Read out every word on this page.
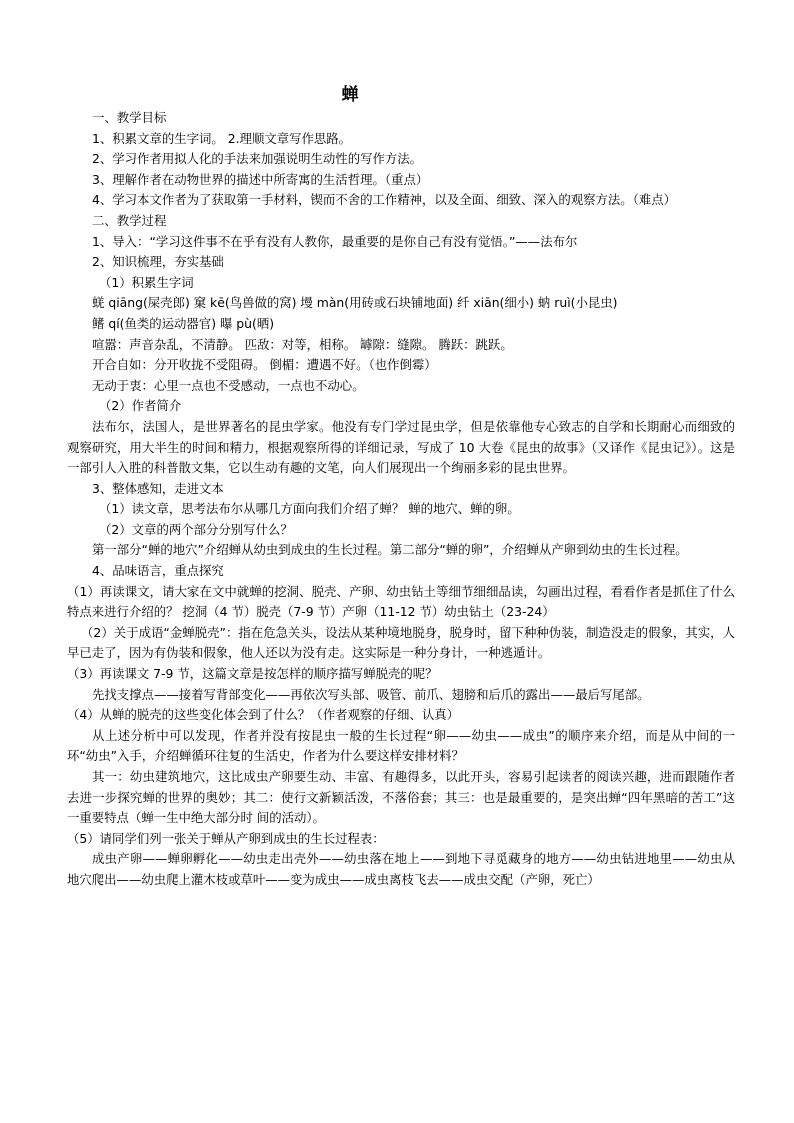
蝉

一、教学目标

1、积累文章的生字词。 2.理顺文章写作思路。

2、学习作者用拟人化的手法来加强说明生动性的写作方法。

3、理解作者在动物世界的描述中所寄寓的生活哲理。（重点）

4、学习本文作者为了获取第一手材料，锲而不舍的工作精神，以及全面、细致、深入的观察方法。（难点）

二、教学过程

1、导入：“学习这件事不在乎有没有人教你，最重要的是你自己有没有觉悟。”——法布尔

2、知识梳理，夯实基础

（1）积累生字词

蜣 qiāng(屎壳郎) 窠 kē(鸟兽做的窝) 墁 màn(用砖或石块铺地面) 纤 xiān(细小) 蚋 ruì(小昆虫)

鳍 qí(鱼类的运动器官) 曝 pù(晒)

喧嚣：声音杂乱，不清静。 匹敌：对等，相称。 罅隙：缝隙。 腾跃：跳跃。

开合自如：分开收拢不受阻碍。 倒楣：遭遇不好。（也作倒霉）

无动于衷：心里一点也不受感动，一点也不动心。

（2）作者简介

法布尔，法国人，是世界著名的昆虫学家。他没有专门学过昆虫学，但是依靠他专心致志的自学和长期耐心而细致的观察研究，用大半生的时间和精力，根据观察所得的详细记录，写成了 10 大卷《昆虫的故事》（又译作《昆虫记》）。这是一部引人入胜的科普散文集，它以生动有趣的文笔，向人们展现出一个绚丽多彩的昆虫世界。

3、整体感知，走进文本

（1）读文章，思考法布尔从哪几方面向我们介绍了蝉？ 蝉的地穴、蝉的卵。

（2）文章的两个部分分别写什么？

第一部分“蝉的地穴”介绍蝉从幼虫到成虫的生长过程。第二部分“蝉的卵”，介绍蝉从产卵到幼虫的生长过程。

4、品味语言，重点探究

（1）再读课文，请大家在文中就蝉的挖洞、脱壳、产卵、幼虫钻土等细节细细品读，勾画出过程，看看作者是抓住了什么特点来进行介绍的？ 挖洞（4 节）脱壳（7-9 节）产卵（11-12 节）幼虫钻土（23-24）

（2）关于成语“金蝉脱壳”：指在危急关头，设法从某种境地脱身，脱身时，留下种种伪装，制造没走的假象，其实，人早已走了，因为有伪装和假象，他人还以为没有走。这实际是一种分身计，一种逃遁计。

（3）再读课文 7-9 节，这篇文章是按怎样的顺序描写蝉脱壳的呢？

先找支撑点——接着写背部变化——再依次写头部、吸管、前爪、翅膀和后爪的露出——最后写尾部。

（4）从蝉的脱壳的这些变化体会到了什么？（作者观察的仔细、认真）

从上述分析中可以发现，作者并没有按昆虫一般的生长过程“卵——幼虫——成虫”的顺序来介绍，而是从中间的一环“幼虫”入手，介绍蝉循环往复的生活史，作者为什么要这样安排材料？

其一：幼虫建筑地穴，这比成虫产卵要生动、丰富、有趣得多，以此开头，容易引起读者的阅读兴趣，进而跟随作者去进一步探究蝉的世界的奥妙；其二：使行文新颖活泼，不落俗套；其三：也是最重要的，是突出蝉“四年黑暗的苦工”这一重要特点（蝉一生中绝大部分时 间的活动）。

（5）请同学们列一张关于蝉从产卵到成虫的生长过程表：

成虫产卵——蝉卵孵化——幼虫走出壳外——幼虫落在地上——到地下寻觅藏身的地方——幼虫钻进地里——幼虫从地穴爬出——幼虫爬上灌木枝或草叶——变为成虫——成虫离枝飞去——成虫交配（产卵，死亡）
